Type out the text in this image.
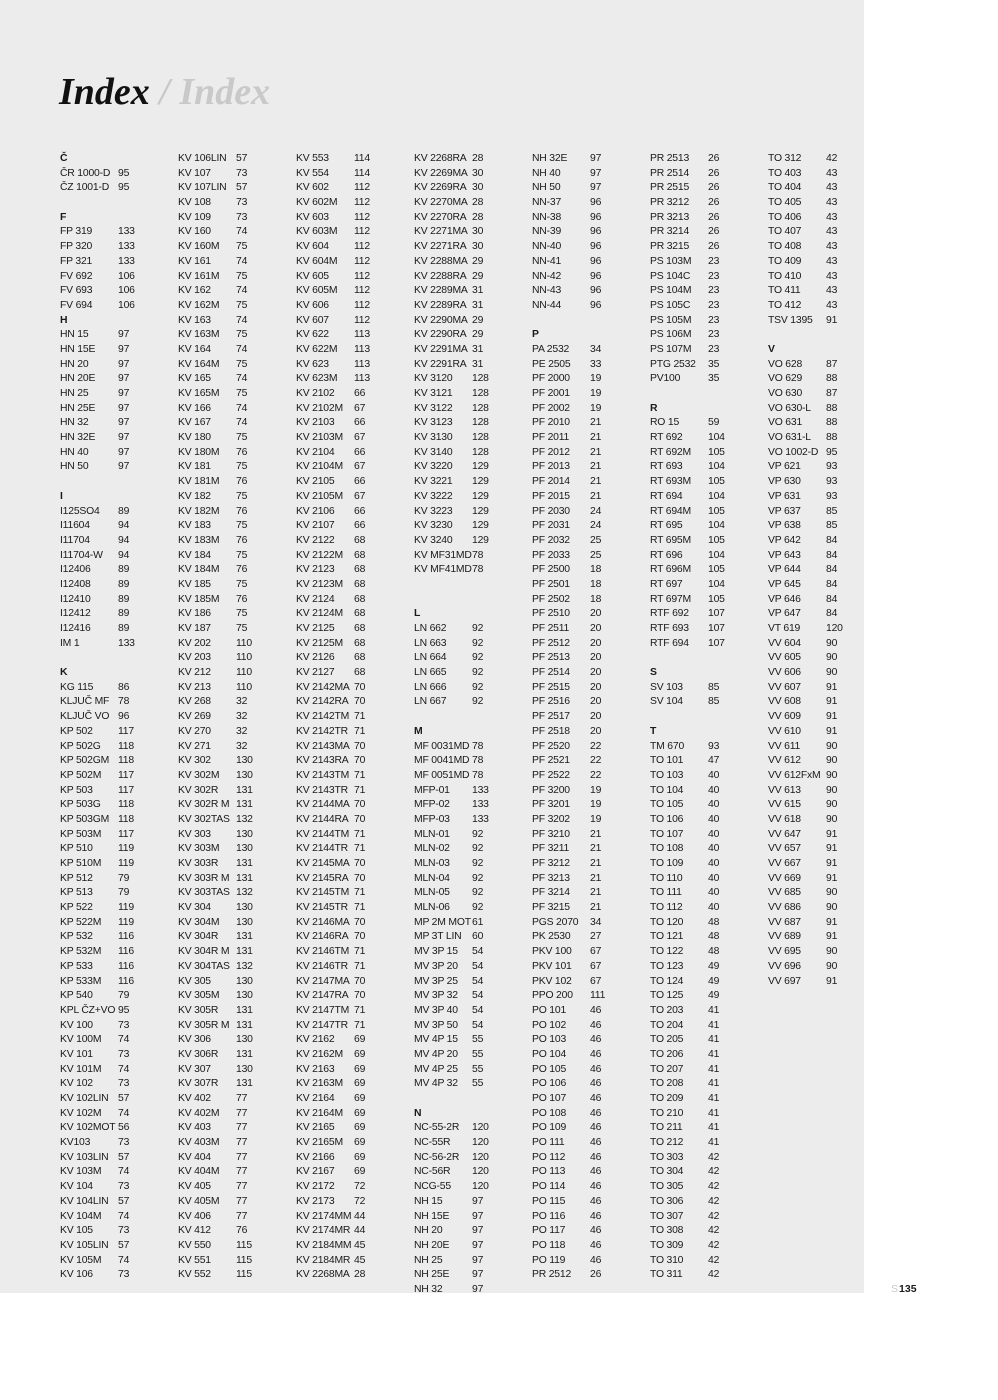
Index / Index
Č
ČR 1000-D 95
ČZ 1001-D 95
F
FP 319 133
FP 320 133
FP 321 133
FV 692 106
FV 693 106
FV 694 106
H
HN 15	97
HN 15E 97
HN 20	97
HN 20E 97
HN 25	97
HN 25E 97
HN 32	97
HN 32E 97
HN 40	97
HN 50	97
I
I125SO4 89
I11604	94
I11704	94
I11704-W 94
I12406	89
I12408	89
I12410	89
I12412	89
I12416	89
IM 1	133
K
KG 115 86
KLJUČ MF 78
KLJUČ VO 96
KP 502 117
KP 502G 118
KP 502GM 118
KP 502M 117
KP 503 117
KP 503G 118
KP 503GM 118
KP 503M 117
KP 510 119
KP 510M 119
KP 512 79
KP 513 79
KP 522 119
KP 522M 119
KP 532 116
KP 532M 116
KP 533 116
KP 533M 116
KP 540 79
KPL ČZ+VO 95
KV 100 73
KV 100M 74
KV 101 73
KV 101M 74
KV 102 73
KV 102LIN 57
KV 102M 74
KV 102MOT 56
KV103	73
KV 103LIN 57
KV 103M 74
KV 104 73
KV 104LIN 57
KV 104M 74
KV 105 73
KV 105LIN 57
KV 105M 74
KV 106 73
KV 106LIN 57
KV 107 73
KV 107LIN 57
KV 108 73
KV 109 73
KV 160 74
KV 160M 75
KV 161 74
KV 161M 75
KV 162 74
KV 162M 75
KV 163 74
KV 163M 75
KV 164 74
KV 164M 75
KV 165 74
KV 165M 75
KV 166 74
KV 167 74
KV 180 75
KV 180M 76
KV 181 75
KV 181M 76
KV 182 75
KV 182M 76
KV 183 75
KV 183M 76
KV 184 75
KV 184M 76
KV 185 75
KV 185M 76
KV 186 75
KV 187 75
KV 202 110
KV 203 110
KV 212 110
KV 213 110
KV 268 32
KV 269 32
KV 270 32
KV 271 32
KV 302 130
KV 302M 130
KV 302R 131
KV 302R M 131
KV 302TAS 132
KV 303 130
KV 303M 130
KV 303R 131
KV 303R M 131
KV 303TAS 132
KV 304 130
KV 304M 130
KV 304R 131
KV 304R M 131
KV 304TAS 132
KV 305 130
KV 305M 130
KV 305R 131
KV 305R M 131
KV 306 130
KV 306R 131
KV 307 130
KV 307R 131
KV 402 77
KV 402M 77
KV 403 77
KV 403M 77
KV 404 77
KV 404M 77
KV 405 77
KV 405M 77
KV 406 77
KV 412 76
KV 550 115
KV 551 115
KV 552 115
KV 553 114
KV 554 114
KV 602 112
KV 602M 112
KV 603 112
KV 603M 112
KV 604 112
KV 604M 112
KV 605 112
KV 605M 112
KV 606 112
KV 607 112
KV 622 113
KV 622M 113
KV 623 113
KV 623M 113
KV 2102 66
KV 2102M 67
KV 2103 66
KV 2103M 67
KV 2104 66
KV 2104M 67
KV 2105 66
KV 2105M 67
KV 2106 66
KV 2107 66
KV 2122 68
KV 2122M 68
KV 2123 68
KV 2123M 68
KV 2124 68
KV 2124M 68
KV 2125 68
KV 2125M 68
KV 2126 68
KV 2127 68
KV 2142MA 70
KV 2142RA 70
KV 2142TM 71
KV 2142TR 71
KV 2143MA 70
KV 2143RA 70
KV 2143TM 71
KV 2143TR 71
KV 2144MA 70
KV 2144RA 70
KV 2144TM 71
KV 2144TR 71
KV 2145MA 70
KV 2145RA 70
KV 2145TM 71
KV 2145TR 71
KV 2146MA 70
KV 2146RA 70
KV 2146TM 71
KV 2146TR 71
KV 2147MA 70
KV 2147RA 70
KV 2147TM 71
KV 2147TR 71
KV 2162 69
KV 2162M 69
KV 2163 69
KV 2163M 69
KV 2164 69
KV 2164M 69
KV 2165 69
KV 2165M 69
KV 2166 69
KV 2167 69
KV 2172 72
KV 2173 72
KV 2174MM 44
KV 2174MR 44
KV 2184MM 45
KV 2184MR 45
KV 2268MA 28
KV 2268RA 28
KV 2269MA 30
KV 2269RA 30
KV 2270MA 28
KV 2270RA 28
KV 2271MA 30
KV 2271RA 30
KV 2288MA 29
KV 2288RA 29
KV 2289MA 31
KV 2289RA 31
KV 2290MA 29
KV 2290RA 29
KV 2291MA 31
KV 2291RA 31
KV 3120 128
KV 3121 128
KV 3122 128
KV 3123 128
KV 3130 128
KV 3140 128
KV 3220 129
KV 3221 129
KV 3222 129
KV 3223 129
KV 3230 129
KV 3240 129
KV MF31MD 78
KV MF41MD 78
L
LN 662 92
LN 663 92
LN 664 92
LN 665 92
LN 666 92
LN 667 92
M
MF 0031MD 78
MF 0041MD 78
MF 0051MD 78
MFP-01 133
MFP-02 133
MFP-03 133
MLN-01 92
MLN-02 92
MLN-03 92
MLN-04 92
MLN-05 92
MLN-06 92
MP 2M MOT 61
MP 3T LIN 60
MV 3P 15 54
MV 3P 20 54
MV 3P 25 54
MV 3P 32 54
MV 3P 40 54
MV 3P 50 54
MV 4P 15 55
MV 4P 20 55
MV 4P 25 55
MV 4P 32 55
N
NC-55-2R 120
NC-55R 120
NC-56-2R 120
NC-56R 120
NCG-55 120
NH 15	97
NH 15E 97
NH 20	97
NH 20E 97
NH 25	97
NH 25E 97
NH 32	97
NH 32E 97
NH 40	97
NH 50	97
NN-37	96
NN-38	96
NN-39	96
NN-40	96
NN-41	96
NN-42	96
NN-43	96
NN-44	96
P
PA 2532 34
PE 2505 33
PF 2000 19
PF 2001 19
PF 2002 19
PF 2010 21
PF 2011 21
PF 2012 21
PF 2013 21
PF 2014 21
PF 2015 21
PF 2030 24
PF 2031 24
PF 2032 25
PF 2033 25
PF 2500 18
PF 2501 18
PF 2502 18
PF 2510 20
PF 2511 20
PF 2512 20
PF 2513 20
PF 2514 20
PF 2515 20
PF 2516 20
PF 2517 20
PF 2518 20
PF 2520 22
PF 2521 22
PF 2522 22
PF 3200 19
PF 3201 19
PF 3202 19
PF 3210 21
PF 3211 21
PF 3212 21
PF 3213 21
PF 3214 21
PF 3215 21
PGS 2070 34
PK 2530 27
PKV 100 67
PKV 101 67
PKV 102 67
PPO 200 111
PO 101 46
PO 102 46
PO 103 46
PO 104 46
PO 105 46
PO 106 46
PO 107 46
PO 108 46
PO 109 46
PO 111 46
PO 112 46
PO 113 46
PO 114 46
PO 115 46
PO 116 46
PO 117 46
PO 118 46
PO 119 46
PR 2512 26
PR 2513 26
PR 2514 26
PR 2515 26
PR 3212 26
PR 3213 26
PR 3214 26
PR 3215 26
PS 103M 23
PS 104C 23
PS 104M 23
PS 105C 23
PS 105M 23
PS 106M 23
PS 107M 23
PTG 2532 35
PV100	35
R
RO 15	59
RT 692 104
RT 692M 105
RT 693 104
RT 693M 105
RT 694 104
RT 694M 105
RT 695 104
RT 695M 105
RT 696 104
RT 696M 105
RT 697 104
RT 697M 105
RTF 692 107
RTF 693 107
RTF 694 107
S
SV 103 85
SV 104 85
T
TM 670 93
TO 101 47
TO 103 40
TO 104 40
TO 105 40
TO 106 40
TO 107 40
TO 108 40
TO 109 40
TO 110 40
TO 111	40
TO 112 40
TO 120 48
TO 121 48
TO 122 48
TO 123 49
TO 124 49
TO 125 49
TO 203 41
TO 204 41
TO 205 41
TO 206 41
TO 207 41
TO 208 41
TO 209 41
TO 210 41
TO 211 41
TO 212 41
TO 303 42
TO 304 42
TO 305 42
TO 306 42
TO 307 42
TO 308 42
TO 309 42
TO 310 42
TO 311 42
TO 312 42
TO 403 43
TO 404 43
TO 405 43
TO 406 43
TO 407 43
TO 408 43
TO 409 43
TO 410 43
TO 411 43
TO 412 43
TSV 1395 91
V
VO 628 87
VO 629 88
VO 630 87
VO 630-L 88
VO 631 88
VO 631-L 88
VO 1002-D 95
VP 621 93
VP 630 93
VP 631 93
VP 637 85
VP 638 85
VP 642 84
VP 643 84
VP 644 84
VP 645 84
VP 646 84
VP 647 84
VT 619 120
VV 604 90
VV 605 90
VV 606 90
VV 607 91
VV 608 91
VV 609 91
VV 610 91
VV 611 90
VV 612 90
VV 612FxM 90
VV 613 90
VV 615 90
VV 618 90
VV 647 91
VV 657 91
VV 667 91
VV 669 91
VV 685 90
VV 686 90
VV 687 91
VV 689 91
VV 695 90
VV 696 90
VV 697 91
S135
